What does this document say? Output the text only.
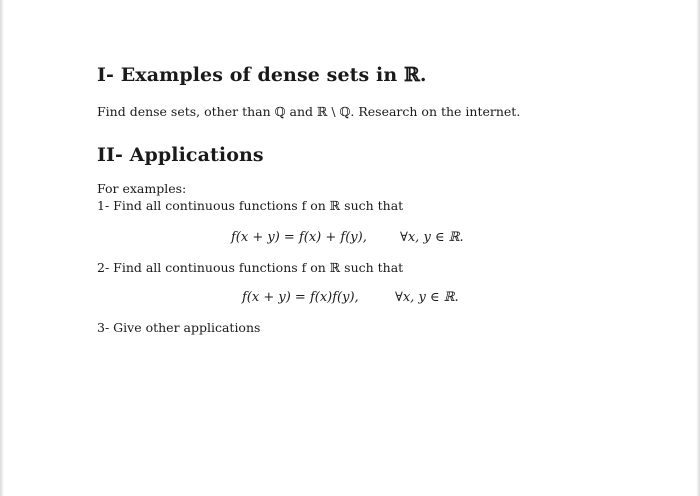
I- Examples of dense sets in ℝ.

Find dense sets, other than ℚ and ℝ \ ℚ. Research on the internet.

II- Applications

For examples:

1- Find all continuous functions f on ℝ such that

f(x + y) = f(x) + f(y),	∀x, y ∈ ℝ.

2- Find all continuous functions f on ℝ such that

f(x + y) = f(x)f(y),	∀x, y ∈ ℝ.

3- Give other applications
